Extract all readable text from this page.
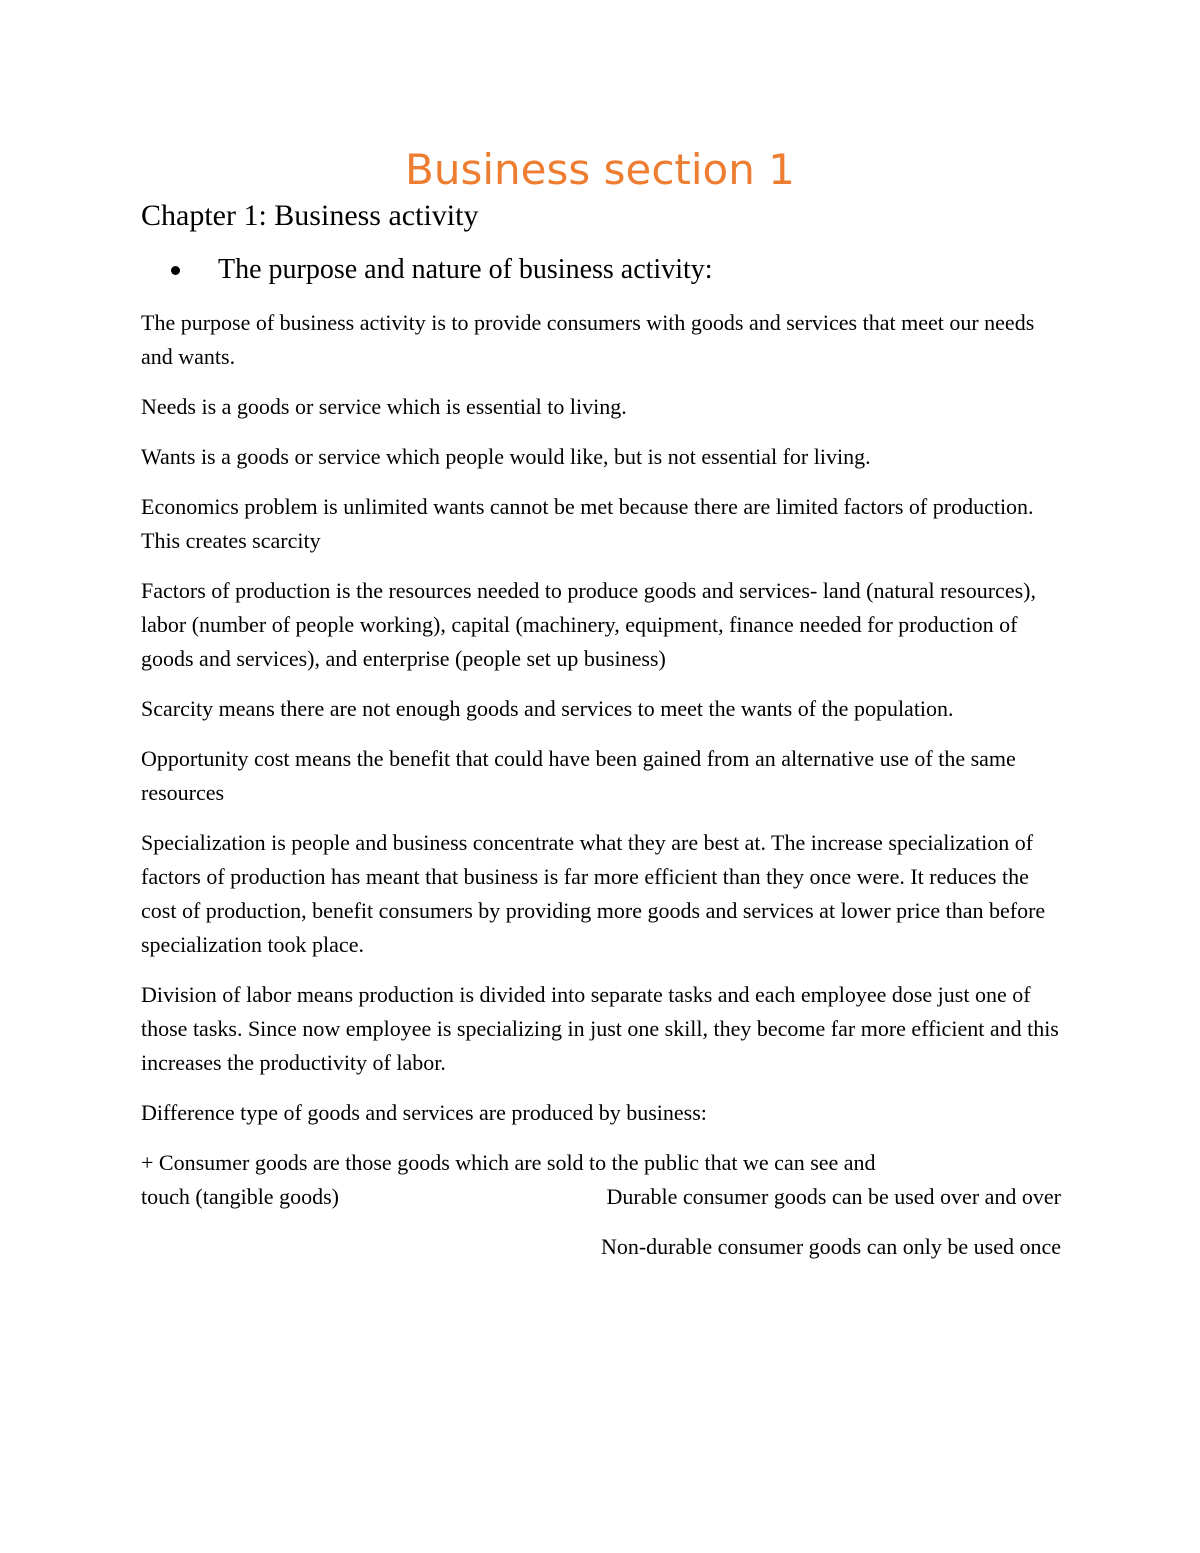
Business section 1
Chapter 1: Business activity
The purpose and nature of business activity:

The purpose of business activity is to provide consumers with goods and services that meet our needs and wants.

Needs is a goods or service which is essential to living.

Wants is a goods or service which people would like, but is not essential for living.

Economics problem is unlimited wants cannot be met because there are limited factors of production. This creates scarcity

Factors of production is the resources needed to produce goods and services- land (natural resources), labor (number of people working), capital (machinery, equipment, finance needed for production of goods and services), and enterprise (people set up business)

Scarcity means there are not enough goods and services to meet the wants of the population.

Opportunity cost means the benefit that could have been gained from an alternative use of the same resources

Specialization is people and business concentrate what they are best at. The increase specialization of factors of production has meant that business is far more efficient than they once were. It reduces the cost of production, benefit consumers by providing more goods and services at lower price than before specialization took place.

Division of labor means production is divided into separate tasks and each employee dose just one of those tasks. Since now employee is specializing in just one skill, they become far more efficient and this increases the productivity of labor.

Difference type of goods and services are produced by business:

+ Consumer goods are those goods which are sold to the public that we can see and
touch (tangible goods)	Durable consumer goods can be used over and over
Non-durable consumer goods can only be used once
